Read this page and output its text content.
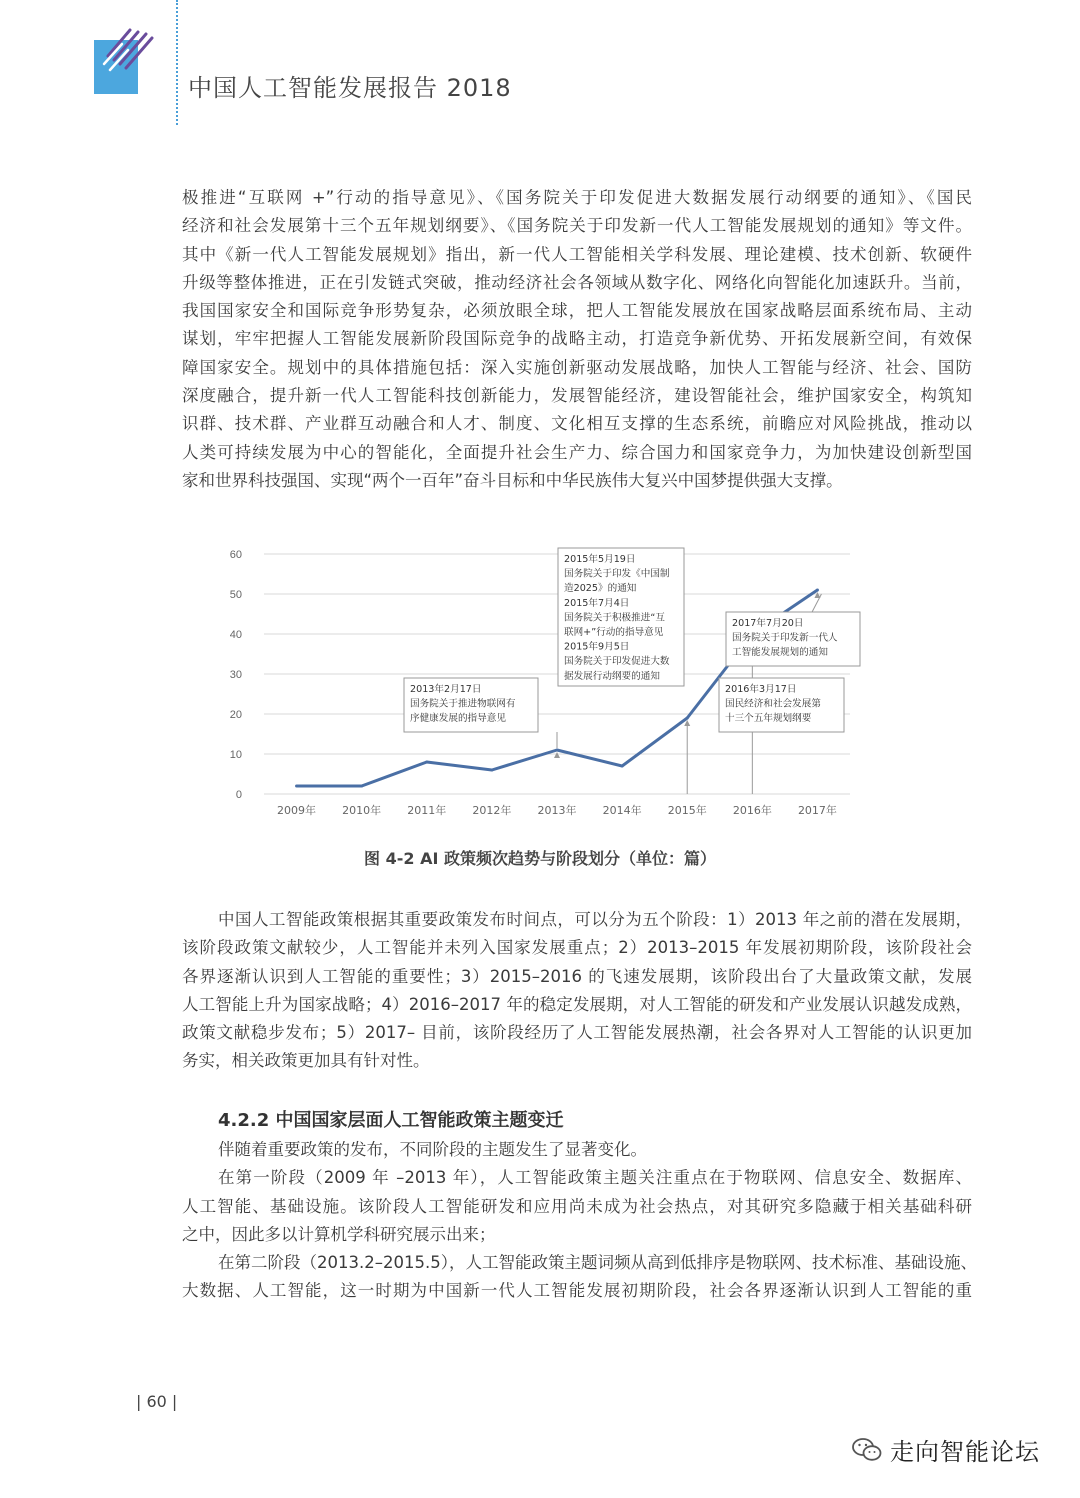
中国人工智能发展报告 2018
极推进“互联网 +”行动的指导意见》、《国务院关于印发促进大数据发展行动纲要的通知》、《国民
经济和社会发展第十三个五年规划纲要》、《国务院关于印发新一代人工智能发展规划的通知》等文件。
其中《新一代人工智能发展规划》指出，新一代人工智能相关学科发展、理论建模、技术创新、软硬件
升级等整体推进，正在引发链式突破，推动经济社会各领域从数字化、网络化向智能化加速跃升。当前，
我国国家安全和国际竞争形势复杂，必须放眼全球，把人工智能发展放在国家战略层面系统布局、主动
谋划，牢牢把握人工智能发展新阶段国际竞争的战略主动，打造竞争新优势、开拓发展新空间，有效保
障国家安全。规划中的具体措施包括：深入实施创新驱动发展战略，加快人工智能与经济、社会、国防
深度融合，提升新一代人工智能科技创新能力，发展智能经济，建设智能社会，维护国家安全，构筑知
识群、技术群、产业群互动融合和人才、制度、文化相互支撑的生态系统，前瞻应对风险挑战，推动以
人类可持续发展为中心的智能化，全面提升社会生产力、综合国力和国家竞争力，为加快建设创新型国
家和世界科技强国、实现“两个一百年”奋斗目标和中华民族伟大复兴中国梦提供强大支撑。
0
10
20
30
40
50
60
2009年 2010年 2011年 2012年 2013年 2014年 2015年 2016年 2017年
2013年2月17日
国务院关于推进物联网有
序健康发展的指导意见
2015年5月19日
国务院关于印发《中国制
造2025》的通知
2015年7月4日
国务院关于积极推进“互
联网+”行动的指导意见
2015年9月5日
国务院关于印发促进大数
据发展行动纲要的通知
2016年3月17日
国民经济和社会发展第
十三个五年规划纲要
2017年7月20日
国务院关于印发新一代人
工智能发展规划的通知
图 4-2 AI 政策频次趋势与阶段划分（单位：篇）
中国人工智能政策根据其重要政策发布时间点，可以分为五个阶段：1）2013 年之前的潜在发展期，
该阶段政策文献较少，人工智能并未列入国家发展重点；2）2013–2015 年发展初期阶段，该阶段社会
各界逐渐认识到人工智能的重要性；3）2015–2016 的飞速发展期，该阶段出台了大量政策文献，发展
人工智能上升为国家战略；4）2016–2017 年的稳定发展期，对人工智能的研发和产业发展认识越发成熟，
政策文献稳步发布；5）2017– 目前，该阶段经历了人工智能发展热潮，社会各界对人工智能的认识更加
务实，相关政策更加具有针对性。
4.2.2 中国国家层面人工智能政策主题变迁
伴随着重要政策的发布，不同阶段的主题发生了显著变化。
在第一阶段（2009 年 –2013 年），人工智能政策主题关注重点在于物联网、信息安全、数据库、
人工智能、基础设施。该阶段人工智能研发和应用尚未成为社会热点，对其研究多隐藏于相关基础科研
之中，因此多以计算机学科研究展示出来；
在第二阶段（2013.2–2015.5），人工智能政策主题词频从高到低排序是物联网、技术标准、基础设施、
大数据、人工智能，这一时期为中国新一代人工智能发展初期阶段，社会各界逐渐认识到人工智能的重
| 60 |
走向智能论坛
